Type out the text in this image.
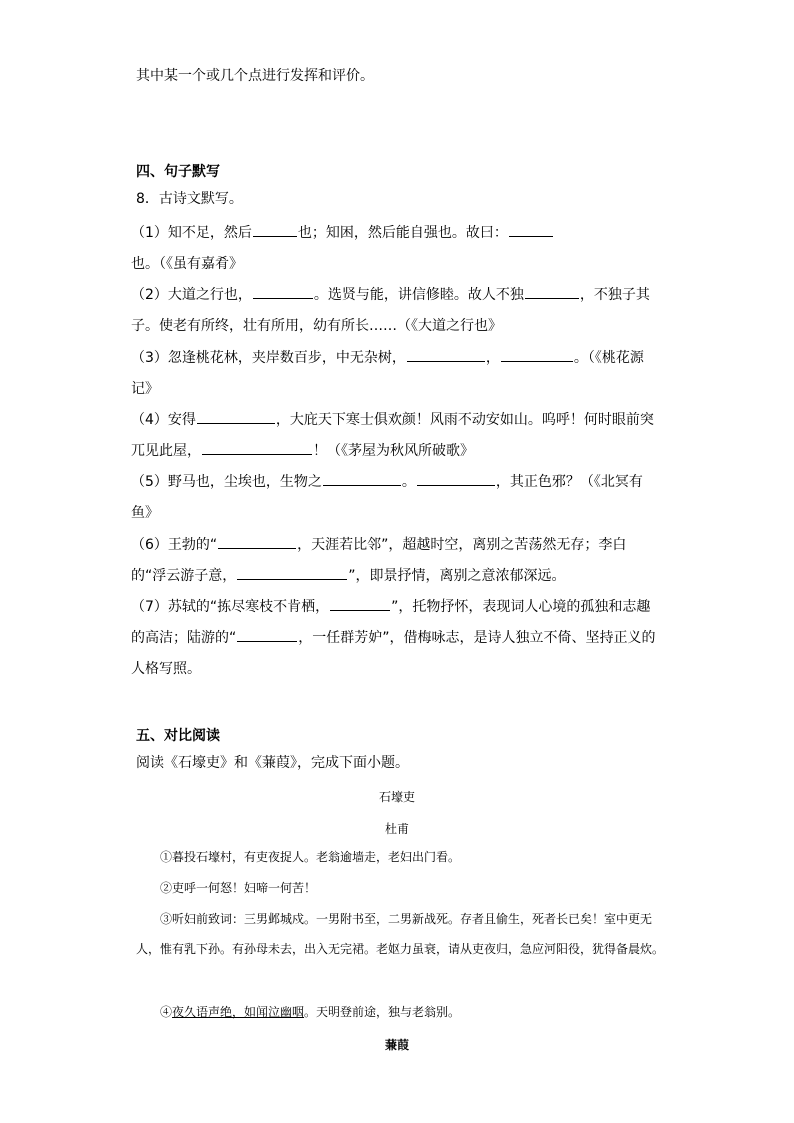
其中某一个或几个点进行发挥和评价。
四、句子默写
8．古诗文默写。
（1）知不足，然后	也；知困，然后能自强也。故曰：也。（《虽有嘉肴》
（2）大道之行也，	。选贤与能，讲信修睦。故人不独	，不独子其子。使老有所终，壮有所用，幼有所长……（《大道之行也》
（3）忽逢桃花林，夹岸数百步，中无杂树，	，	。（《桃花源记》
（4）安得	，大庇天下寒士俱欢颜！风雨不动安如山。呜呼！何时眼前突兀见此屋，	！（《茅屋为秋风所破歌》
（5）野马也，尘埃也，生物之	。	，其正色邪？（《北冥有鱼》
（6）王勃的“	，天涯若比邻”，超越时空，离别之苦荡然无存；李白的“浮云游子意，	”，即景抒情，离别之意浓郁深远。
（7）苏轼的“拣尽寒枝不肯栖，	”，托物抒怀，表现词人心境的孤独和志趣的高洁；陆游的“	，一任群芳妒”，借梅咏志，是诗人独立不倚、坚持正义的人格写照。
五、对比阅读
阅读《石壕吏》和《蒹葭》，完成下面小题。
石壕吏
杜甫
①暮投石壕村，有吏夜捉人。老翁逾墙走，老妇出门看。
②吏呼一何怒！妇啼一何苦！
③听妇前致词：三男邺城戍。一男附书至，二男新战死。存者且偷生，死者长已矣！室中更无人，惟有乳下孙。有孙母未去，出入无完裙。老妪力虽衰，请从吏夜归，急应河阳役，犹得备晨炊。
④夜久语声绝，如闻泣幽咽。天明登前途，独与老翁别。
蒹葭
